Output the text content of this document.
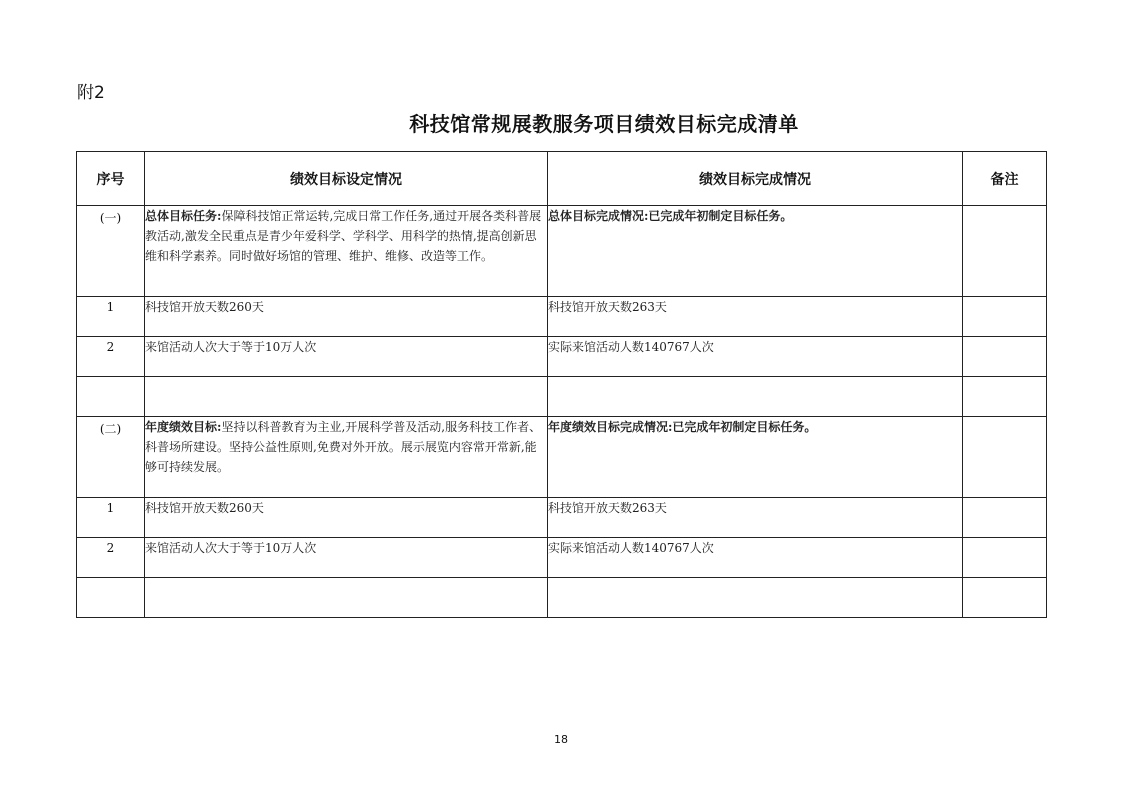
附2
科技馆常规展教服务项目绩效目标完成清单
序号	绩效目标设定情况	绩效目标完成情况	备注
(一)	总体目标任务:保障科技馆正常运转,完成日常工作任务,通过开展各类科普展教活动,激发全民重点是青少年爱科学、学科学、用科学的热情,提高创新思维和科学素养。同时做好场馆的管理、维护、维修、改造等工作。	总体目标完成情况:已完成年初制定目标任务。	
1	科技馆开放天数260天	科技馆开放天数263天	
2	来馆活动人次大于等于10万人次	实际来馆活动人数140767人次	

(二)	年度绩效目标:坚持以科普教育为主业,开展科学普及活动,服务科技工作者、科普场所建设。坚持公益性原则,免费对外开放。展示展览内容常开常新,能够可持续发展。	年度绩效目标完成情况:已完成年初制定目标任务。	
1	科技馆开放天数260天	科技馆开放天数263天	
2	来馆活动人次大于等于10万人次	实际来馆活动人数140767人次	

18
